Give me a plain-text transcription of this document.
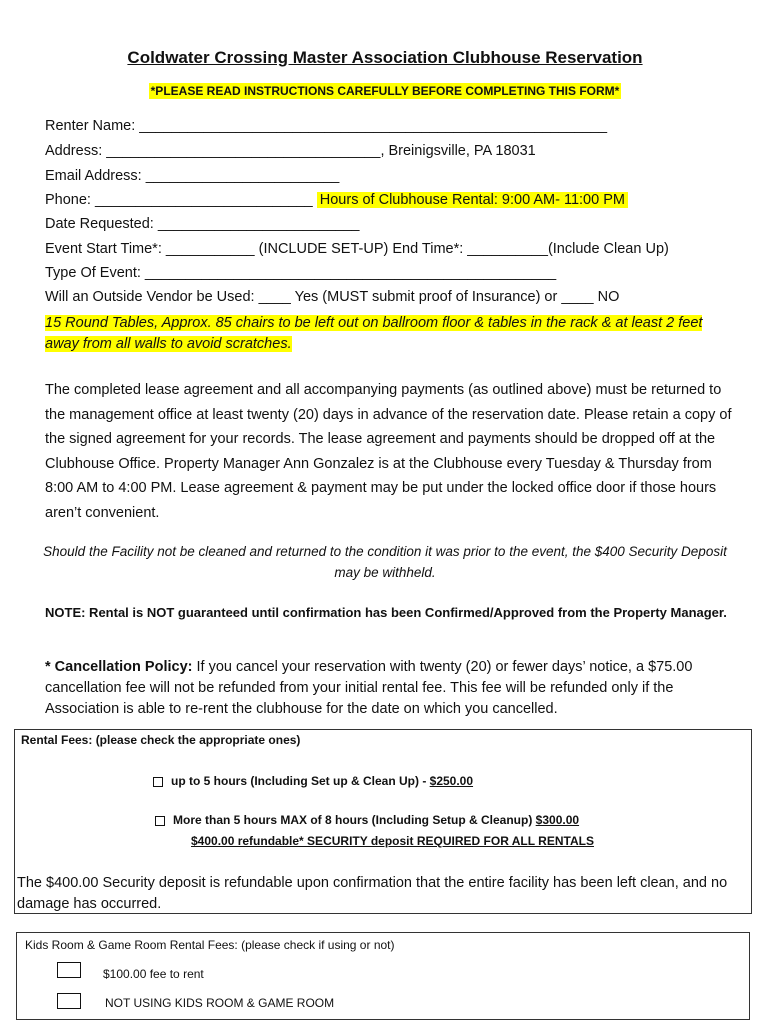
Coldwater Crossing Master Association Clubhouse Reservation
*PLEASE READ INSTRUCTIONS CAREFULLY BEFORE COMPLETING THIS FORM*
Renter Name: __________________________________________________________
Address: __________________________________, Breinigsville, PA 18031
Email Address: ________________________
Phone: ___________________________ Hours of Clubhouse Rental: 9:00 AM- 11:00 PM
Date Requested: _________________________
Event Start Time*: ___________ (INCLUDE SET-UP) End Time*: __________(Include Clean Up)
Type Of Event: ___________________________________________________
Will an Outside Vendor be Used: ____ Yes (MUST submit proof of Insurance) or ____ NO
15 Round Tables, Approx. 85 chairs to be left out on ballroom floor & tables in the rack & at least 2 feet away from all walls to avoid scratches.
The completed lease agreement and all accompanying payments (as outlined above) must be returned to the management office at least twenty (20) days in advance of the reservation date. Please retain a copy of the signed agreement for your records. The lease agreement and payments should be dropped off at the Clubhouse Office. Property Manager Ann Gonzalez is at the Clubhouse every Tuesday & Thursday from 8:00 AM to 4:00 PM. Lease agreement & payment may be put under the locked office door if those hours aren’t convenient.
Should the Facility not be cleaned and returned to the condition it was prior to the event, the $400 Security Deposit may be withheld.
NOTE: Rental is NOT guaranteed until confirmation has been Confirmed/Approved from the Property Manager.
* Cancellation Policy: If you cancel your reservation with twenty (20) or fewer days’ notice, a $75.00 cancellation fee will not be refunded from your initial rental fee. This fee will be refunded only if the Association is able to re-rent the clubhouse for the date on which you cancelled.
Rental Fees: (please check the appropriate ones)
up to 5 hours (Including Set up & Clean Up) - $250.00
More than 5 hours MAX of 8 hours (Including Setup & Cleanup) $300.00
$400.00 refundable* SECURITY deposit REQUIRED FOR ALL RENTALS
The $400.00 Security deposit is refundable upon confirmation that the entire facility has been left clean, and no damage has occurred.
Kids Room & Game Room Rental Fees: (please check if using or not)
$100.00 fee to rent
NOT USING KIDS ROOM & GAME ROOM
